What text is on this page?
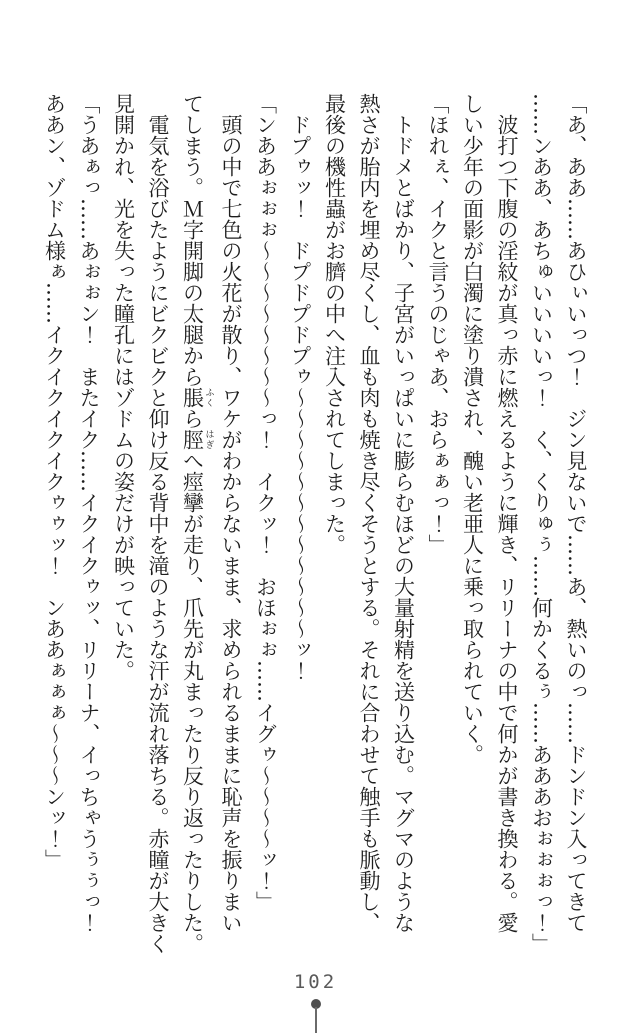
「あ、ああ……あひぃいっつ！　ジン見ないで……あ、熱いのっ……ドンドン入ってきて

……ンああ、あちゅいいいいっ！　く、くりゅぅ……何かくるぅ……あああおぉぉぉっ！」

波打つ下腹の淫紋が真っ赤に燃えるように輝き、リリーナの中で何かが書き換わる。愛

しい少年の面影が白濁に塗り潰され、醜い老亜人に乗っ取られていく。

「ほれぇ、イクと言うのじゃあ、おらぁぁっ！」

トドメとばかり、子宮がいっぱいに膨らむほどの大量射精を送り込む。マグマのような

熱さが胎内を埋め尽くし、血も肉も焼き尽くそうとする。それに合わせて触手も脈動し、

最後の機性蟲がお臍の中へ注入されてしまった。

ドプゥッ！　ドプドプドプゥ〜〜〜〜〜〜〜〜〜〜〜〜ッ！

「ンああぉぉぉ〜〜〜〜〜〜〜〜っ！　イクッ！　おほぉぉ……イグゥ〜〜〜〜ッ！」

頭の中で七色の火花が散り、ワケがわからないまま、求められるままに恥声を振りまい

てしまう。Ｍ字開脚の太腿から脹 ふくら脛 はぎへ痙攣が走り、爪先が丸まったり反り返ったりした。

電気を浴びたようにビクビクと仰け反る背中を滝のような汗が流れ落ちる。赤瞳が大きく

見開かれ、光を失った瞳孔にはゾドムの姿だけが映っていた。

「うあぁっ……あぉぉン！　またイク……イクイクゥッ、リリーナ、イっちゃうぅぅっ！

ああン、ゾドム様ぁ……イクイクイクイクゥゥッ！　ンああぁぁぁ〜〜〜ンッ！」

102
